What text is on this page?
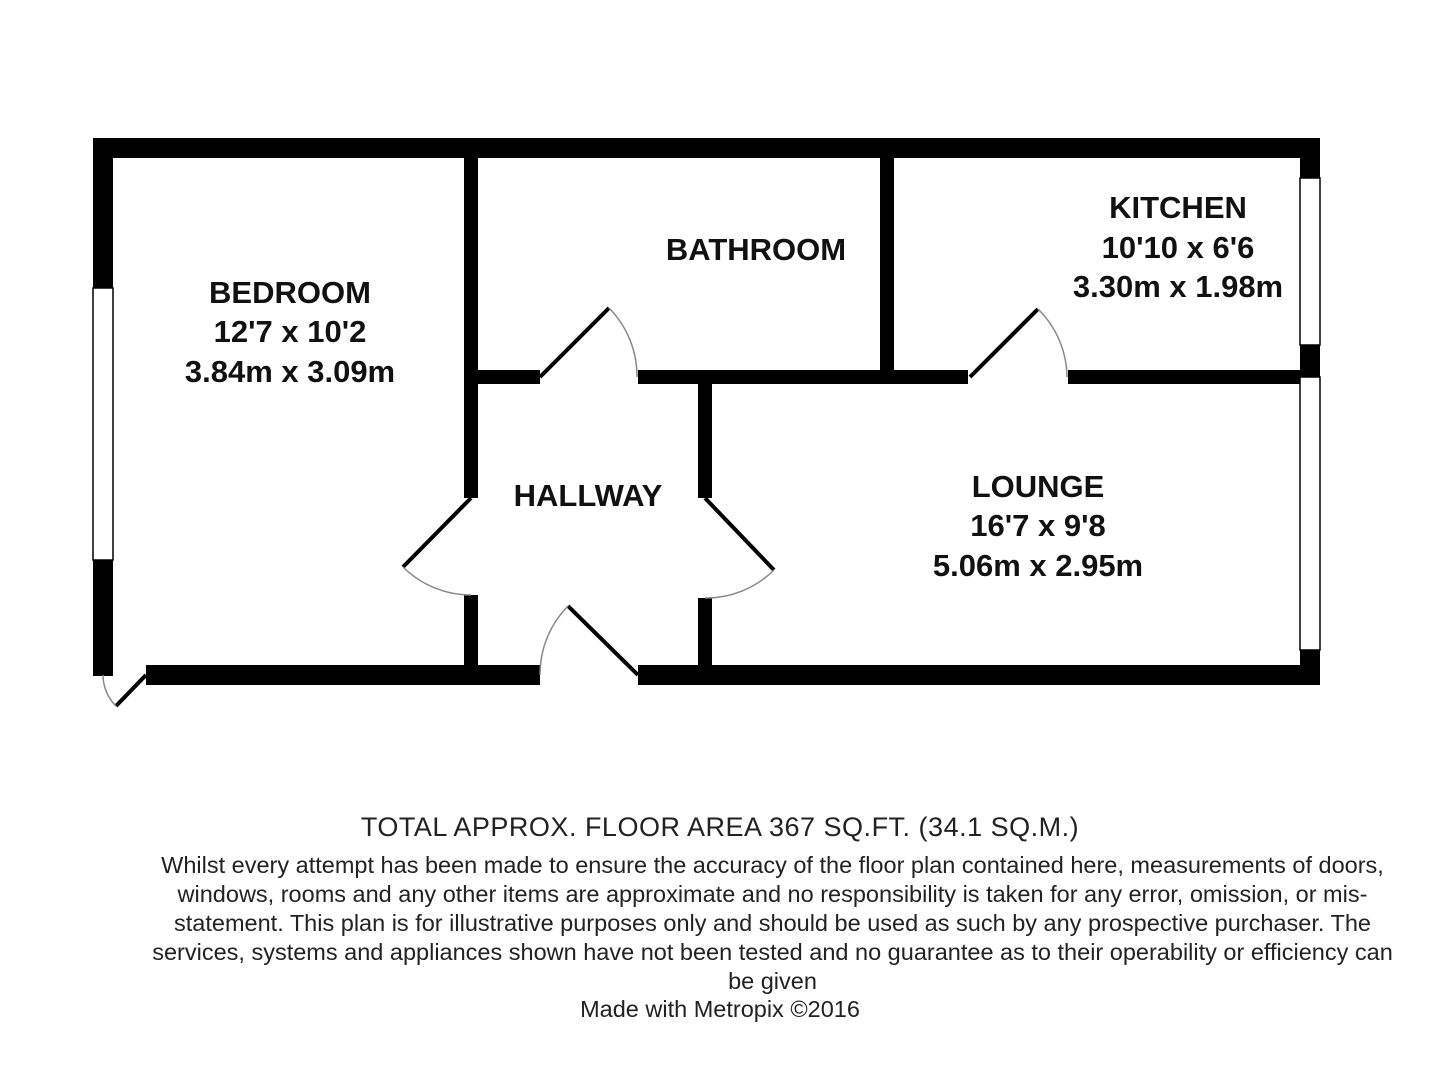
BEDROOM
12'7 x 10'2
3.84m x 3.09m
BATHROOM
KITCHEN
10'10 x 6'6
3.30m x 1.98m
HALLWAY	LOUNGE
16'7 x 9'8
5.06m x 2.95m
TOTAL APPROX. FLOOR AREA 367 SQ.FT. (34.1 SQ.M.)
Whilst every attempt has been made to ensure the accuracy of the floor plan contained here, measurements of doors, windows, rooms and any other items are approximate and no responsibility is taken for any error, omission, or mis-statement. This plan is for illustrative purposes only and should be used as such by any prospective purchaser. The services, systems and appliances shown have not been tested and no guarantee as to their operability or efficiency can be given
Made with Metropix ©2016
